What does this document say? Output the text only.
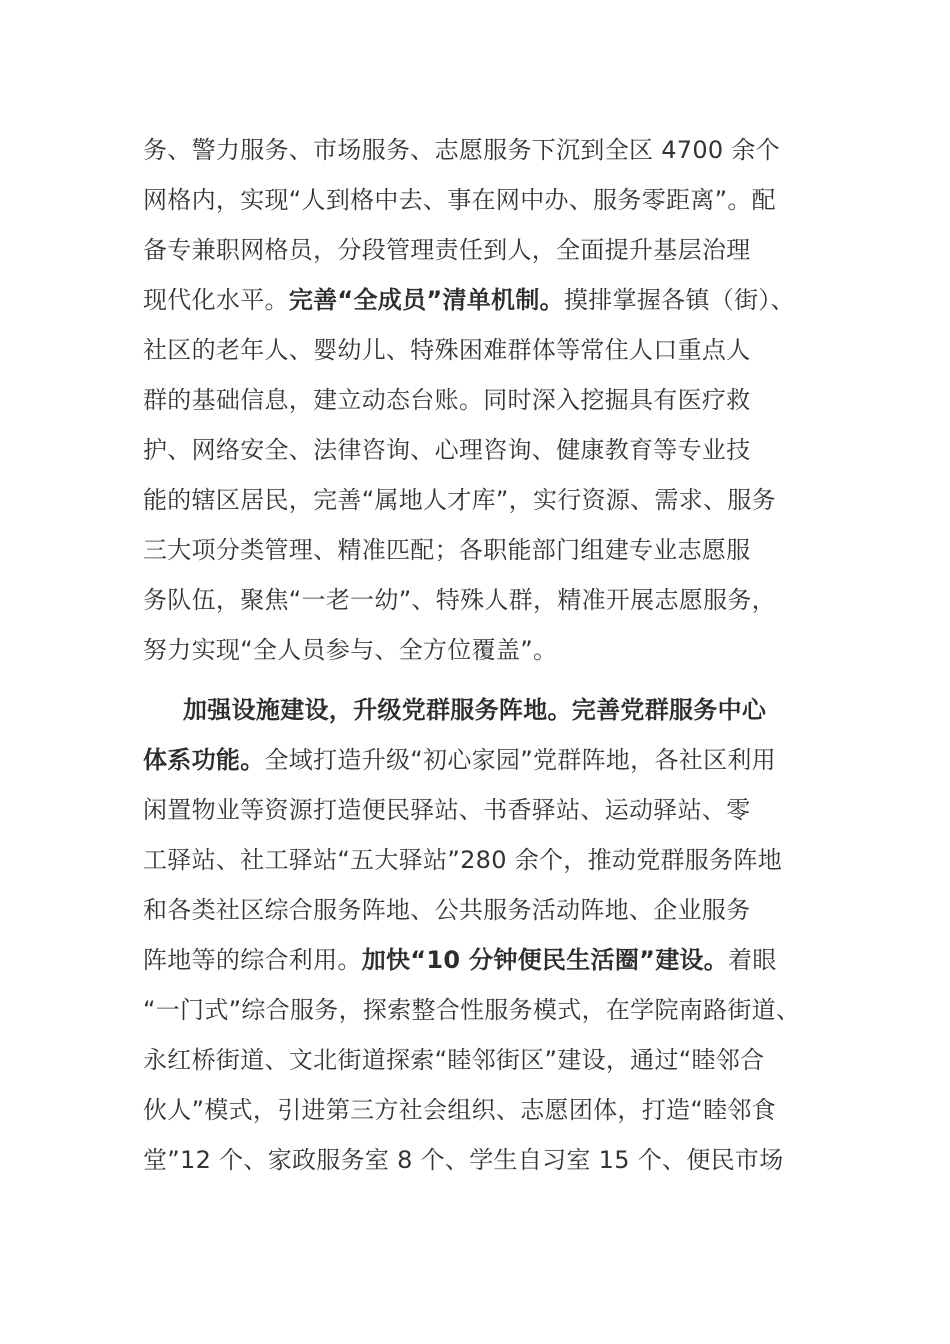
务、警力服务、市场服务、志愿服务下沉到全区 4700 余个
网格内，实现“人到格中去、事在网中办、服务零距离”。配
备专兼职网格员，分段管理责任到人，全面提升基层治理
现代化水平。完善“全成员”清单机制。摸排掌握各镇（街）、
社区的老年人、婴幼儿、特殊困难群体等常住人口重点人
群的基础信息，建立动态台账。同时深入挖掘具有医疗救
护、网络安全、法律咨询、心理咨询、健康教育等专业技
能的辖区居民，完善“属地人才库”，实行资源、需求、服务
三大项分类管理、精准匹配；各职能部门组建专业志愿服
务队伍，聚焦“一老一幼”、特殊人群，精准开展志愿服务，
努力实现“全人员参与、全方位覆盖”。
加强设施建设，升级党群服务阵地。完善党群服务中心
体系功能。全域打造升级“初心家园”党群阵地，各社区利用
闲置物业等资源打造便民驿站、书香驿站、运动驿站、零
工驿站、社工驿站“五大驿站”280 余个，推动党群服务阵地
和各类社区综合服务阵地、公共服务活动阵地、企业服务
阵地等的综合利用。加快“10 分钟便民生活圈”建设。着眼
“一门式”综合服务，探索整合性服务模式，在学院南路街道、
永红桥街道、文北街道探索“睦邻街区”建设，通过“睦邻合
伙人”模式，引进第三方社会组织、志愿团体，打造“睦邻食
堂”12 个、家政服务室 8 个、学生自习室 15 个、便民市场
